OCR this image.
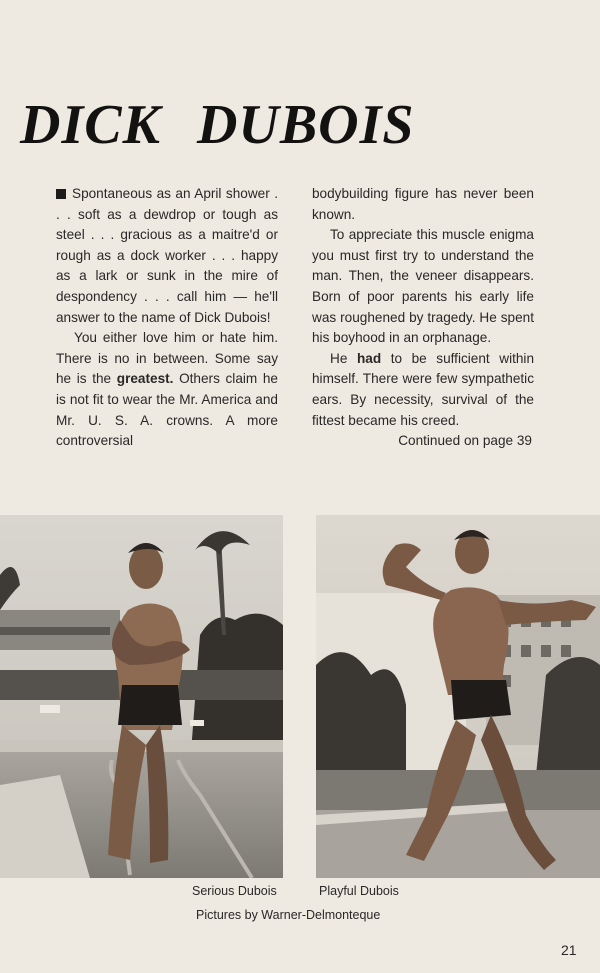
DICK DUBOIS

Spontaneous as an April shower . . . soft as a dewdrop or tough as steel . . . gracious as a maitre'd or rough as a dock worker . . . happy as a lark or sunk in the mire of despondency . . . call him — he'll answer to the name of Dick Dubois!

You either love him or hate him. There is no in between. Some say he is the greatest. Others claim he is not fit to wear the Mr. America and Mr. U. S. A. crowns. A more controversial

bodybuilding figure has never been known.

To appreciate this muscle enigma you must first try to understand the man. Then, the veneer disappears. Born of poor parents his early life was roughened by tragedy. He spent his boyhood in an orphanage.

He had to be sufficient within himself. There were few sympathetic ears. By necessity, survival of the fittest became his creed.

Continued on page 39

Serious Dubois	Playful Dubois
Pictures by Warner-Delmonteque
21
